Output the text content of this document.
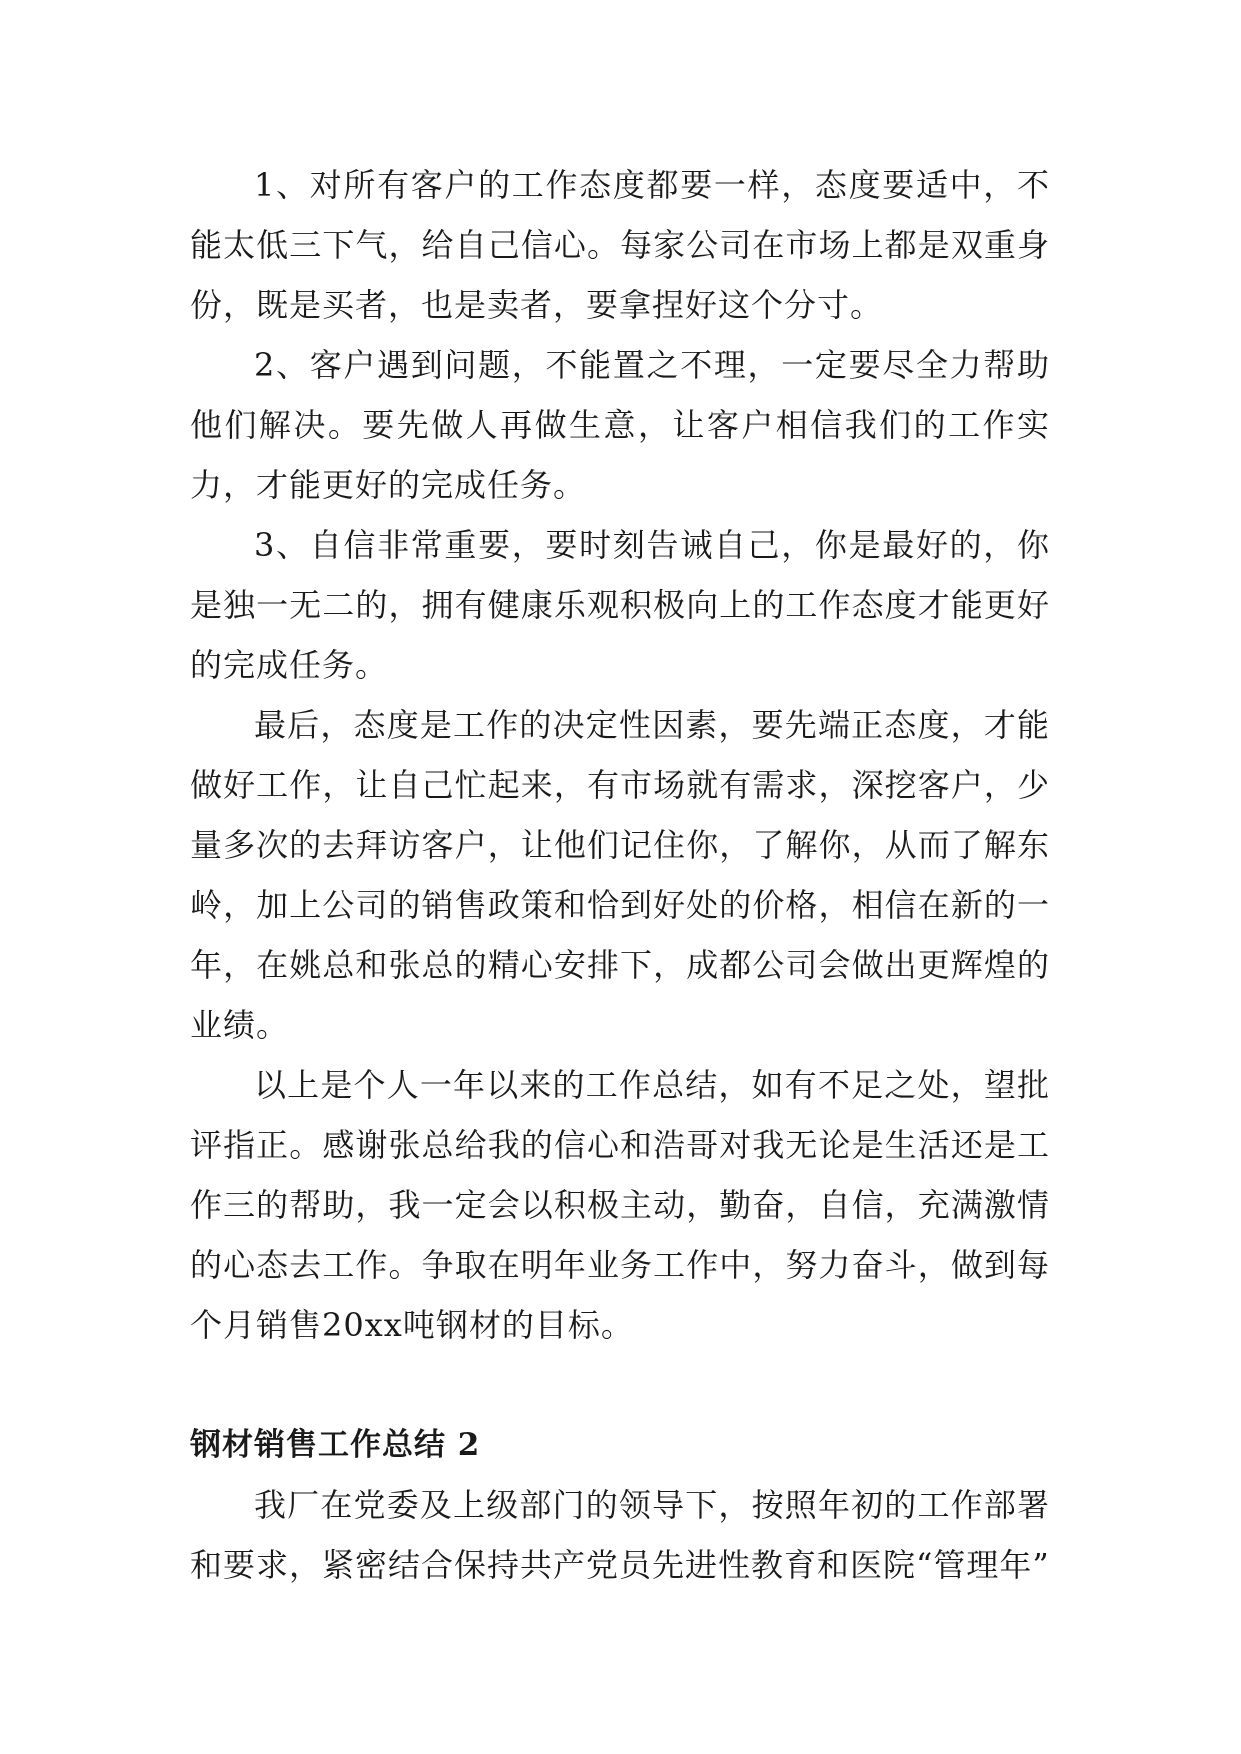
1、对所有客户的工作态度都要一样，态度要适中，不能太低三下气，给自己信心。每家公司在市场上都是双重身份，既是买者，也是卖者，要拿捏好这个分寸。

2、客户遇到问题，不能置之不理，一定要尽全力帮助他们解决。要先做人再做生意，让客户相信我们的工作实力，才能更好的完成任务。

3、自信非常重要，要时刻告诫自己，你是最好的，你是独一无二的，拥有健康乐观积极向上的工作态度才能更好的完成任务。

最后，态度是工作的决定性因素，要先端正态度，才能做好工作，让自己忙起来，有市场就有需求，深挖客户，少量多次的去拜访客户，让他们记住你，了解你，从而了解东岭，加上公司的销售政策和恰到好处的价格，相信在新的一年，在姚总和张总的精心安排下，成都公司会做出更辉煌的业绩。

以上是个人一年以来的工作总结，如有不足之处，望批评指正。感谢张总给我的信心和浩哥对我无论是生活还是工作三的帮助，我一定会以积极主动，勤奋，自信，充满激情的心态去工作。争取在明年业务工作中，努力奋斗，做到每个月销售20xx吨钢材的目标。

钢材销售工作总结 2

我厂在党委及上级部门的领导下，按照年初的工作部署和要求，紧密结合保持共产党员先进性教育和医院“管理年”
